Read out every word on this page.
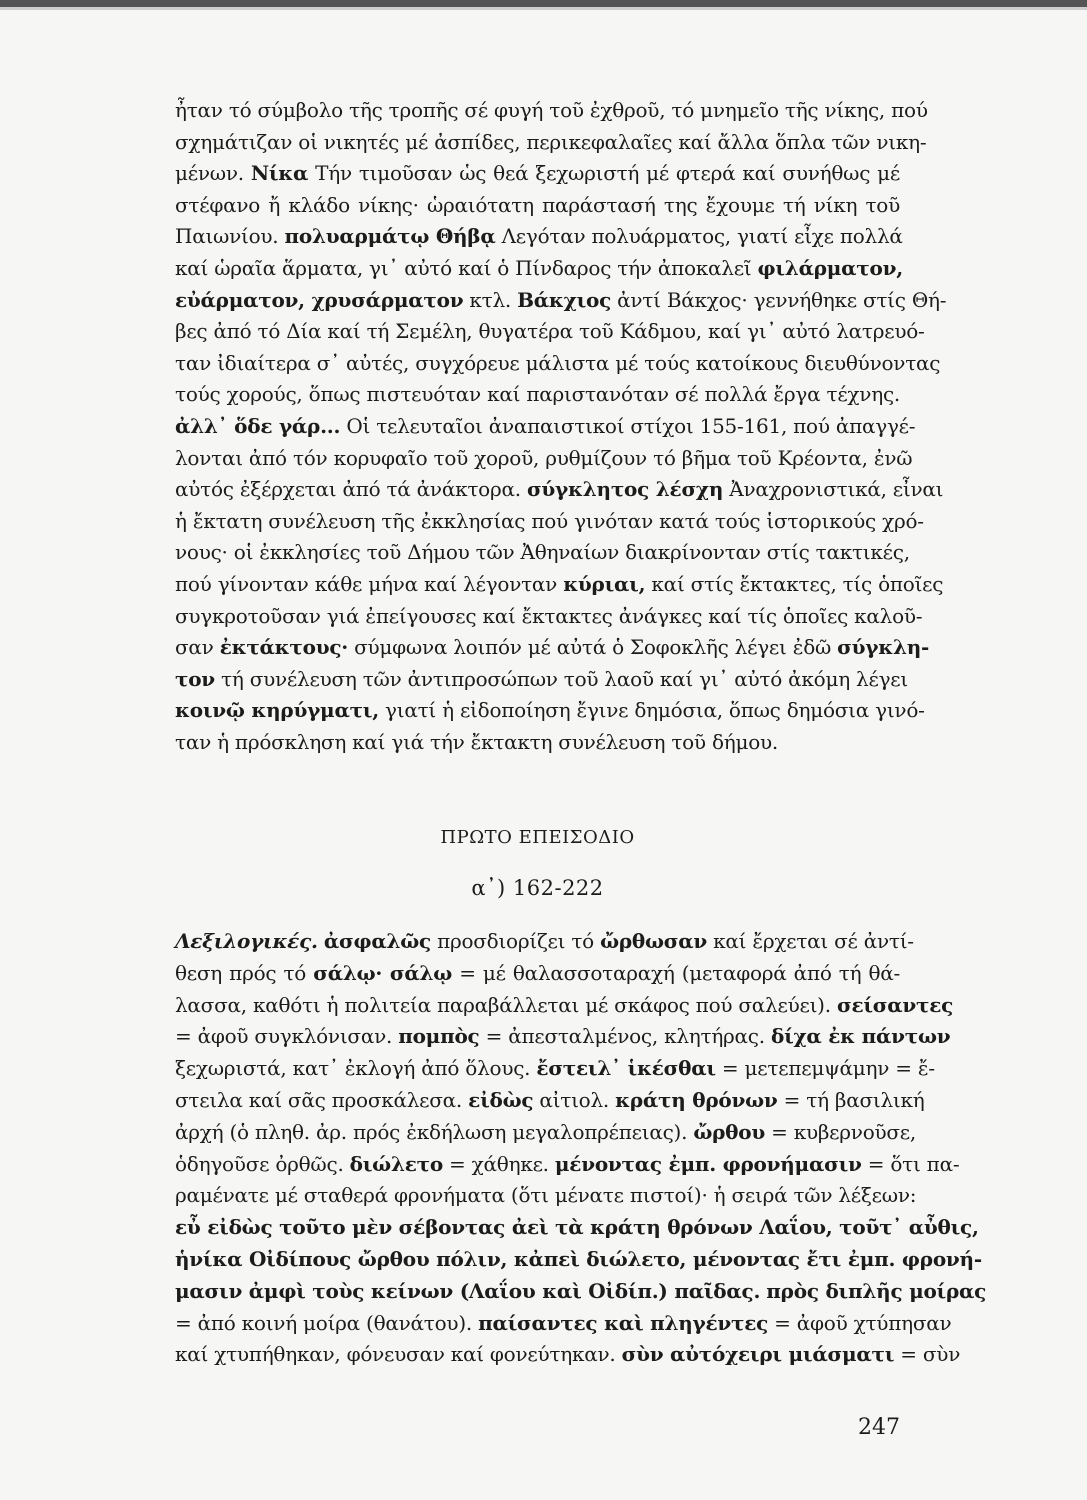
ἦταν τό σύμβολο τῆς τροπῆς σέ φυγή τοῦ ἐχθροῦ, τό μνημεῖο τῆς νίκης, πού
σχημάτιζαν οἱ νικητές μέ ἀσπίδες, περικεφαλαῖες καί ἄλλα ὅπλα τῶν νικη-
μένων. Νίκα Τήν τιμοῦσαν ὡς θεά ξεχωριστή μέ φτερά καί συνήθως μέ
στέφανο ἤ κλάδο νίκης· ὡραιότατη παράστασή της ἔχουμε τή νίκη τοῦ
Παιωνίου. πολυαρμάτῳ Θήβᾳ Λεγόταν πολυάρματος, γιατί εἶχε πολλά
καί ὡραῖα ἅρματα, γι᾽ αὐτό καί ὁ Πίνδαρος τήν ἀποκαλεῖ φιλάρματον,
εὐάρματον, χρυσάρματον κτλ. Βάκχιος ἀντί Βάκχος· γεννήθηκε στίς Θή-
βες ἀπό τό Δία καί τή Σεμέλη, θυγατέρα τοῦ Κάδμου, καί γι᾽ αὐτό λατρευό-
ταν ἰδιαίτερα σ᾽ αὐτές, συγχόρευε μάλιστα μέ τούς κατοίκους διευθύνοντας
τούς χορούς, ὅπως πιστευόταν καί παριστανόταν σέ πολλά ἔργα τέχνης.
ἀλλ᾽ ὅδε γάρ... Οἱ τελευταῖοι ἀναπαιστικοί στίχοι 155-161, πού ἀπαγγέ-
λονται ἀπό τόν κορυφαῖο τοῦ χοροῦ, ρυθμίζουν τό βῆμα τοῦ Κρέοντα, ἐνῶ
αὐτός ἐξέρχεται ἀπό τά ἀνάκτορα. σύγκλητος λέσχη Ἀναχρονιστικά, εἶναι
ἡ ἔκτατη συνέλευση τῆς ἐκκλησίας πού γινόταν κατά τούς ἱστορικούς χρό-
νους· οἱ ἐκκλησίες τοῦ Δήμου τῶν Ἀθηναίων διακρίνονταν στίς τακτικές,
πού γίνονταν κάθε μήνα καί λέγονταν κύριαι, καί στίς ἔκτακτες, τίς ὁποῖες
συγκροτοῦσαν γιά ἐπείγουσες καί ἔκτακτες ἀνάγκες καί τίς ὁποῖες καλοῦ-
σαν ἐκτάκτους· σύμφωνα λοιπόν μέ αὐτά ὁ Σοφοκλῆς λέγει ἐδῶ σύγκλη-
τον τή συνέλευση τῶν ἀντιπροσώπων τοῦ λαοῦ καί γι᾽ αὐτό ἀκόμη λέγει
κοινῷ κηρύγματι, γιατί ἡ εἰδοποίηση ἔγινε δημόσια, ὅπως δημόσια γινό-
ταν ἡ πρόσκληση καί γιά τήν ἔκτακτη συνέλευση τοῦ δήμου.
ΠΡΩΤΟ ΕΠΕΙΣΟΔΙΟ
α᾽) 162-222
Λεξιλογικές. ἀσφαλῶς προσδιορίζει τό ὤρθωσαν καί ἔρχεται σέ ἀντί-
θεση πρός τό σάλῳ· σάλῳ = μέ θαλασσοταραχή (μεταφορά ἀπό τή θά-
λασσα, καθότι ἡ πολιτεία παραβάλλεται μέ σκάφος πού σαλεύει). σείσαντες
= ἀφοῦ συγκλόνισαν. πομπὸς = ἀπεσταλμένος, κλητήρας. δίχα ἐκ πάντων
ξεχωριστά, κατ᾽ ἐκλογή ἀπό ὅλους. ἔστειλ᾽ ἱκέσθαι = μετεπεμψάμην = ἔ-
στειλα καί σᾶς προσκάλεσα. εἰδὼς αἰτιολ. κράτη θρόνων = τή βασιλική
ἀρχή (ὁ πληθ. ἀρ. πρός ἐκδήλωση μεγαλοπρέπειας). ὤρθου = κυβερνοῦσε,
ὁδηγοῦσε ὀρθῶς. διώλετο = χάθηκε. μένοντας ἐμπ. φρονήμασιν = ὅτι πα-
ραμένατε μέ σταθερά φρονήματα (ὅτι μένατε πιστοί)· ἡ σειρά τῶν λέξεων:
εὖ εἰδὼς τοῦτο μὲν σέβοντας ἀεὶ τὰ κράτη θρόνων Λαΐου, τοῦτ᾽ αὖθις,
ἡνίκα Οἰδίπους ὤρθου πόλιν, κἀπεὶ διώλετο, μένοντας ἔτι ἐμπ. φρονή-
μασιν ἀμφὶ τοὺς κείνων (Λαΐου καὶ Οἰδίπ.) παῖδας. πρὸς διπλῆς μοίρας
= ἀπό κοινή μοίρα (θανάτου). παίσαντες καὶ πληγέντες = ἀφοῦ χτύπησαν
καί χτυπήθηκαν, φόνευσαν καί φονεύτηκαν. σὺν αὐτόχειρι μιάσματι = σὺν
247
